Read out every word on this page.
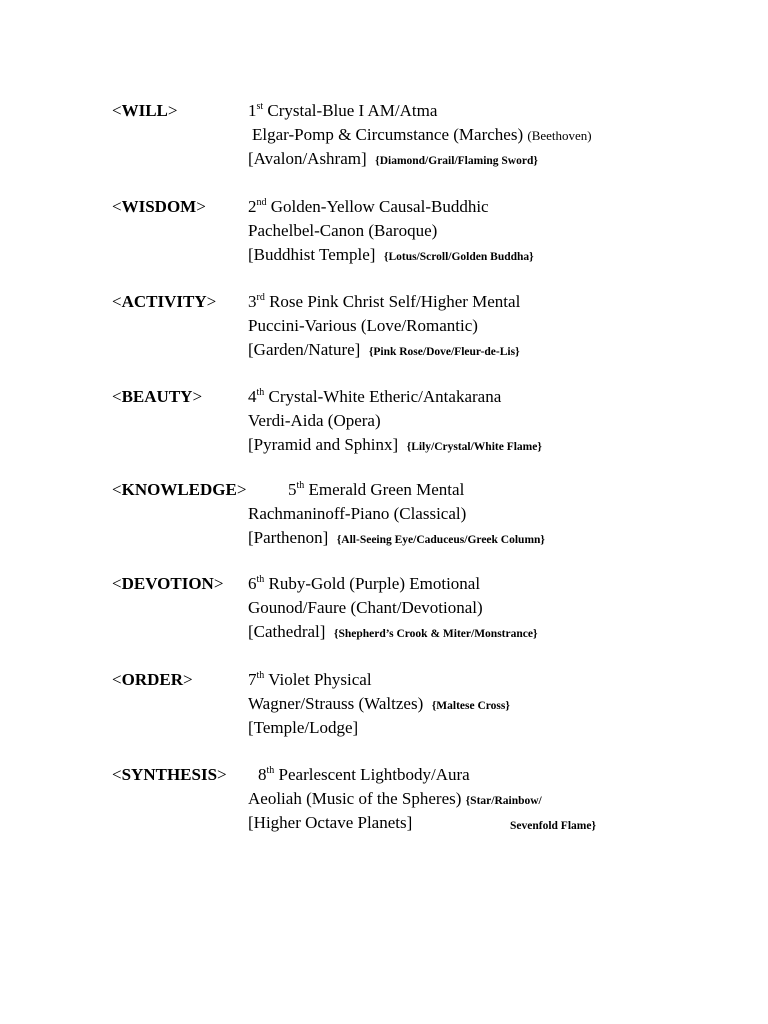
<WILL>	1st Crystal-Blue I AM/Atma
Elgar-Pomp & Circumstance (Marches) (Beethoven)
[Avalon/Ashram] {Diamond/Grail/Flaming Sword}
<WISDOM> 2nd Golden-Yellow Causal-Buddhic
Pachelbel-Canon (Baroque)
[Buddhist Temple] {Lotus/Scroll/Golden Buddha}
<ACTIVITY> 3rd Rose Pink Christ Self/Higher Mental
Puccini-Various (Love/Romantic)
[Garden/Nature] {Pink Rose/Dove/Fleur-de-Lis}
<BEAUTY>	4th Crystal-White Etheric/Antakarana
Verdi-Aida (Opera)
[Pyramid and Sphinx] {Lily/Crystal/White Flame}
<KNOWLEDGE> 5th Emerald Green Mental
Rachmaninoff-Piano (Classical)
[Parthenon] {All-Seeing Eye/Caduceus/Greek Column}
<DEVOTION> 6th Ruby-Gold (Purple) Emotional
Gounod/Faure (Chant/Devotional)
[Cathedral] {Shepherd’s Crook & Miter/Monstrance}
<ORDER>	7th Violet Physical
Wagner/Strauss (Waltzes) {Maltese Cross}
[Temple/Lodge]
<SYNTHESIS> 8th Pearlescent Lightbody/Aura
Aeoliah (Music of the Spheres) {Star/Rainbow/
[Higher Octave Planets]	Sevenfold Flame}
